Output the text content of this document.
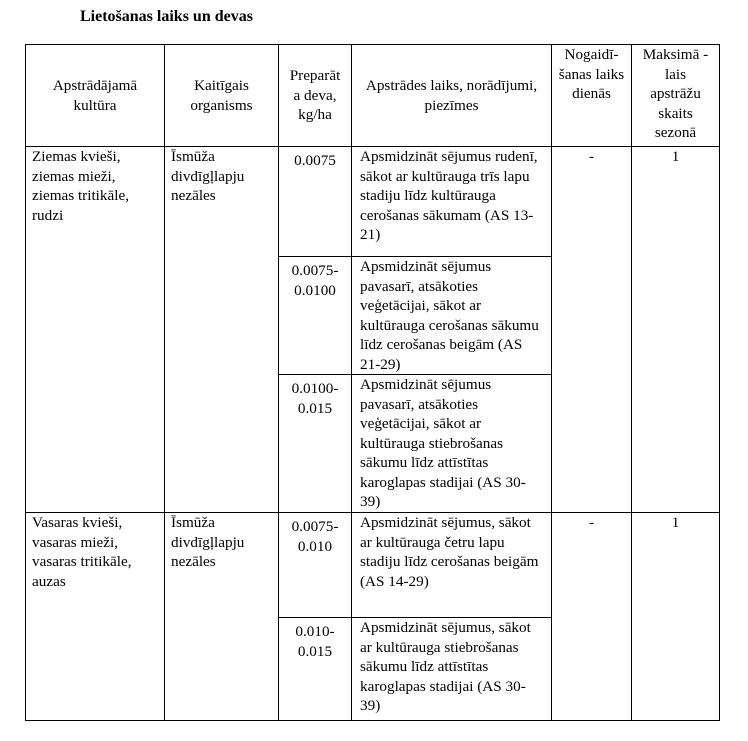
Lietošanas laiks un devas
Apstrādājamā kultūra	Kaitīgais organisms	Preparāt a deva, kg/ha	Apstrādes laiks, norādījumi, piezīmes	Nogaidī- šanas laiks dienās	Maksimā -lais apstrāžu skaits sezonā
Ziemas kvieši, ziemas mieži, ziemas tritikāle, rudzi	Īsmūža divdīgļlapju nezāles	0.0075	Apsmidzināt sējumus rudenī, sākot ar kultūrauga trīs lapu stadiju līdz kultūrauga cerošanas sākumam (AS 13-21)	-	1
		0.0075- 0.0100	Apsmidzināt sējumus pavasarī, atsākoties veģetācijai, sākot ar kultūrauga cerošanas sākumu līdz cerošanas beigām (AS 21-29)		
		0.0100- 0.015	Apsmidzināt sējumus pavasarī, atsākoties veģetācijai, sākot ar kultūrauga stiebrošanas sākumu līdz attīstītas karoglapas stadijai (AS 30-39)		
Vasaras kvieši, vasaras mieži, vasaras tritikāle, auzas	Īsmūža divdīgļlapju nezāles	0.0075- 0.010	Apsmidzināt sējumus, sākot ar kultūrauga četru lapu stadiju līdz cerošanas beigām (AS 14-29)	-	1
		0.010- 0.015	Apsmidzināt sējumus, sākot ar kultūrauga stiebrošanas sākumu līdz attīstītas karoglapas stadijai (AS 30-39)		
